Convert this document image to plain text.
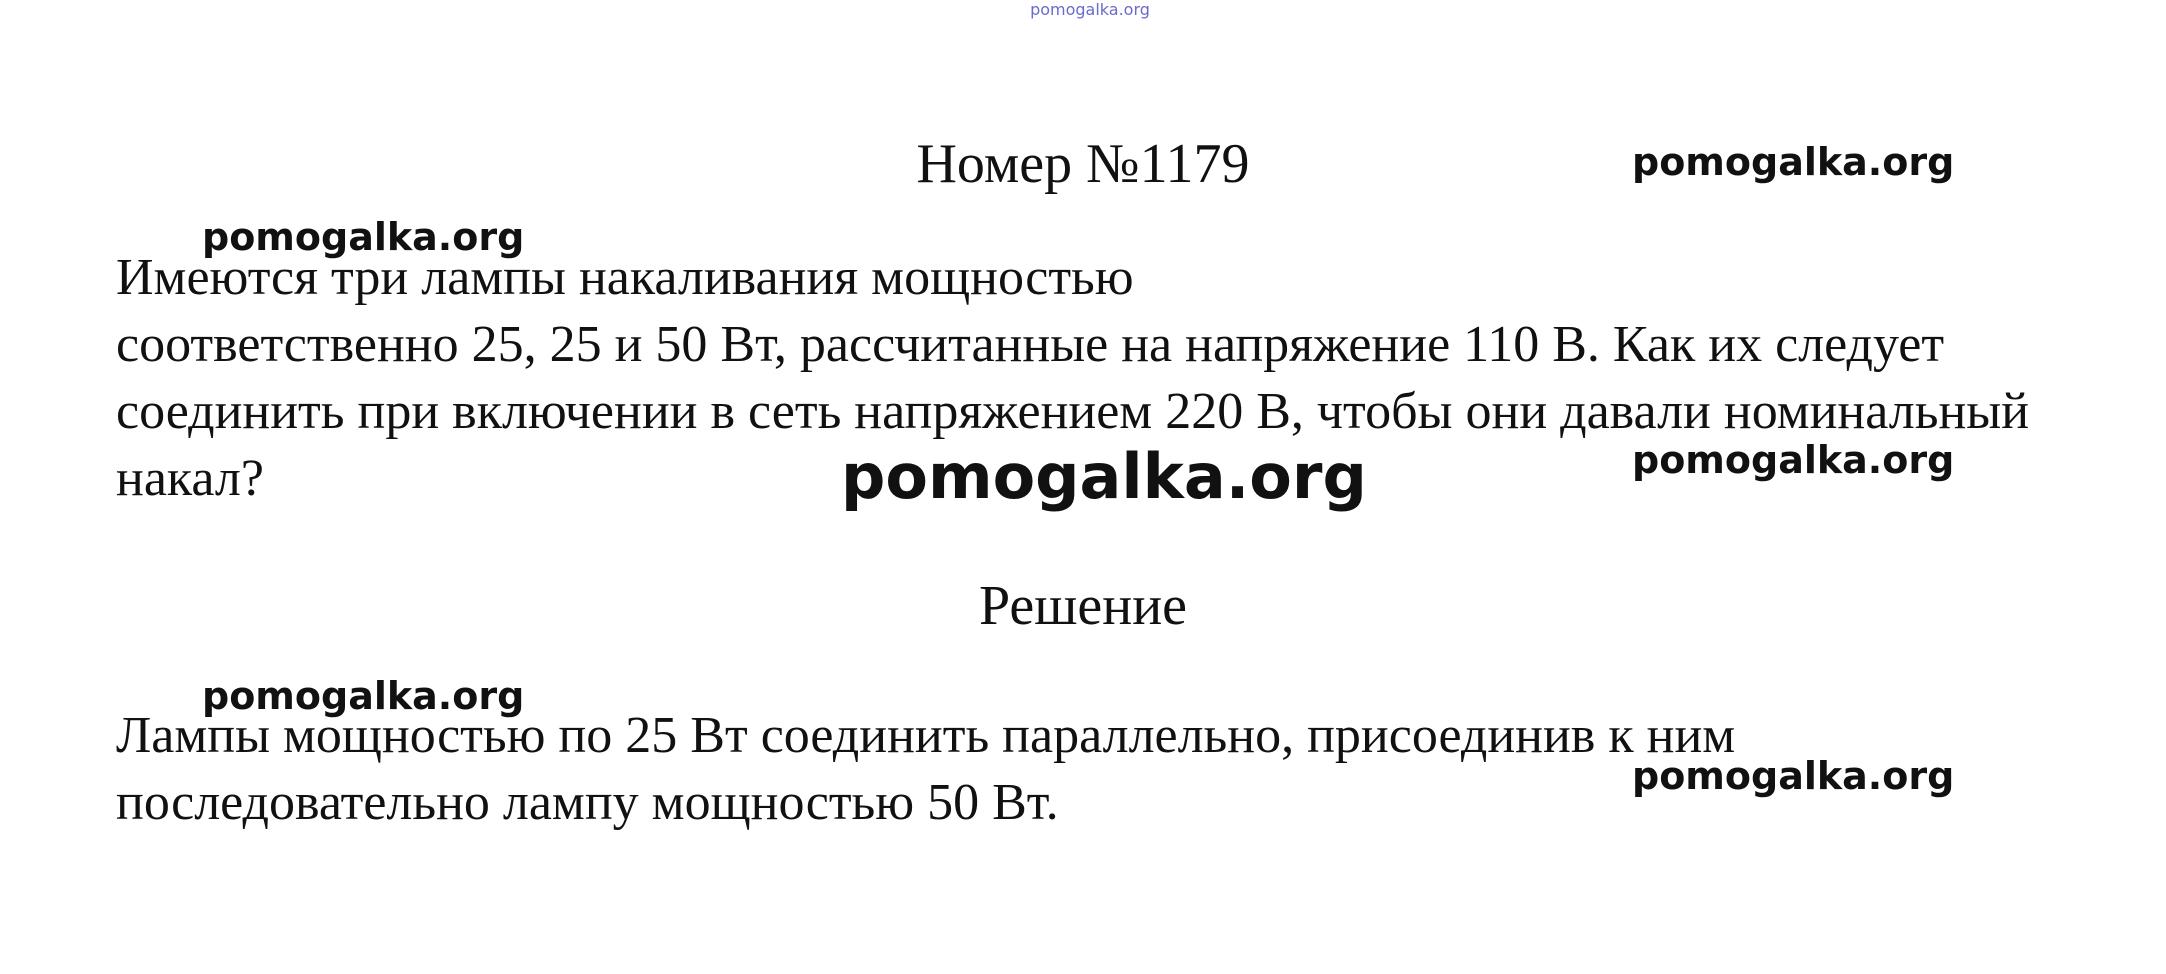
pomogalka.org
Номер №1179

Имеются три лампы накаливания мощностью
соответственно 25, 25 и 50 Вт, рассчитанные на напряжение 110 В. Как их следует соединить при включении в сеть напряжением 220 В, чтобы они давали номинальный накал?

Решение

Лампы мощностью по 25 Вт соединить параллельно, присоединив к ним последовательно лампу мощностью 50 Вт.

pomogalka.org
pomogalka.org
pomogalka.org
pomogalka.org
pomogalka.org
pomogalka.org
